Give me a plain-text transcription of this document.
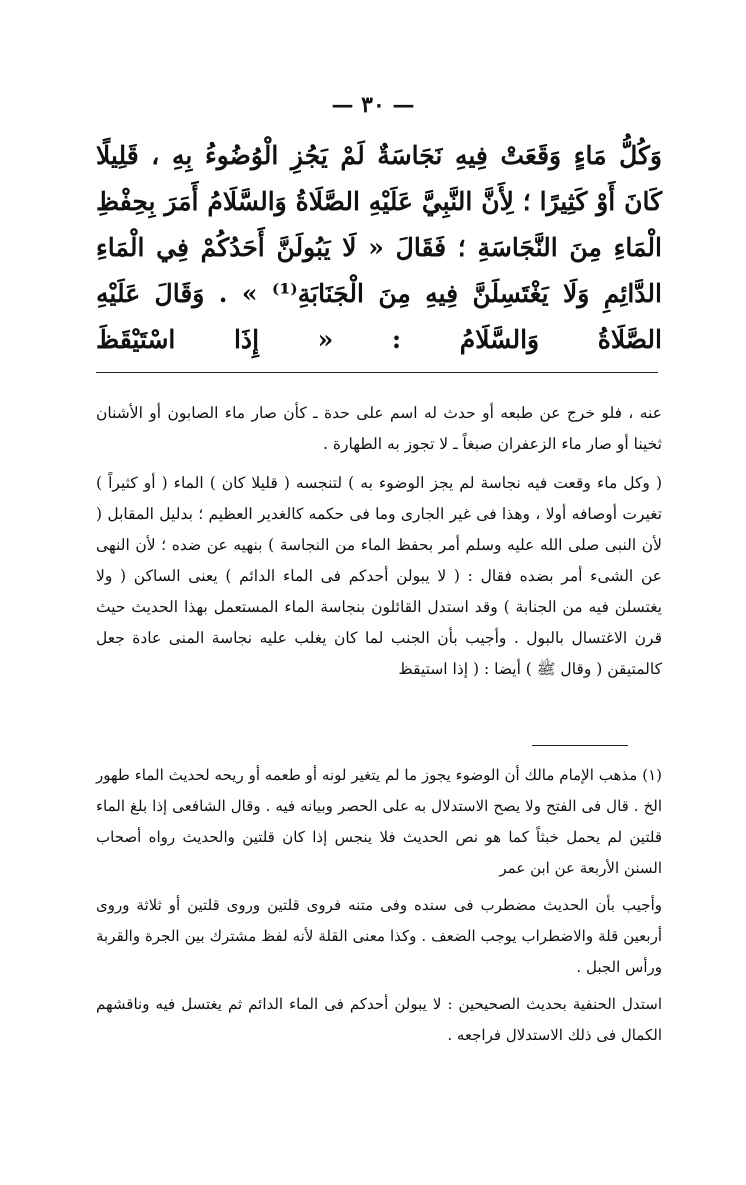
— ٣٠ —

وَكُلُّ مَاءٍ وَقَعَتْ فِيهِ نَجَاسَةٌ لَمْ يَجُزِ الْوُضُوءُ بِهِ ، قَلِيلًا كَانَ أَوْ كَثِيرًا ؛ لِأَنَّ النَّبِيَّ عَلَيْهِ الصَّلَاةُ وَالسَّلَامُ أَمَرَ بِحِفْظِ الْمَاءِ مِنَ النَّجَاسَةِ ؛ فَقَالَ « لَا يَبُولَنَّ أَحَدُكُمْ فِي الْمَاءِ الدَّائِمِ وَلَا يَغْتَسِلَنَّ فِيهِ مِنَ الْجَنَابَةِ⁽¹⁾ » . وَقَالَ عَلَيْهِ الصَّلَاةُ وَالسَّلَامُ : « إِذَا اسْتَيْقَظَ

عنه ، فلو خرج عن طبعه أو حدث له اسم على حدة ـ كأن صار ماء الصابون أو الأشنان ثخينا أو صار ماء الزعفران صبغاً ـ لا تجوز به الطهارة .

( وكل ماء وقعت فيه نجاسة لم يجز الوضوء به ) لتنجسه ( قليلا كان ) الماء ( أو كثيراً ) تغيرت أوصافه أولا ، وهذا فى غير الجارى وما فى حكمه كالغدير العظيم ؛ بدليل المقابل ( لأن النبى صلى الله عليه وسلم أمر بحفظ الماء من النجاسة ) بنهيه عن ضده ؛ لأن النهى عن الشىء أمر بضده فقال : ( لا يبولن أحدكم فى الماء الدائم ) يعنى الساكن ( ولا يغتسلن فيه من الجنابة ) وقد استدل القائلون بنجاسة الماء المستعمل بهذا الحديث حيث قرن الاغتسال بالبول . وأجيب بأن الجنب لما كان يغلب عليه نجاسة المنى عادة جعل كالمتيقن ( وقال ﷺ ) أيضا : ( إذا استيقظ

(١) مذهب الإمام مالك أن الوضوء يجوز ما لم يتغير لونه أو طعمه أو ريحه لحديث الماء طهور الخ . قال فى الفتح ولا يصح الاستدلال به على الحصر وبيانه فيه . وقال الشافعى إذا بلغ الماء قلتين لم يحمل خبثاً كما هو نص الحديث فلا ينجس إذا كان قلتين والحديث رواه أصحاب السنن الأربعة عن ابن عمر

وأجيب بأن الحديث مضطرب فى سنده وفى متنه فروى قلتين وروى قلتين أو ثلاثة وروى أربعين قلة والاضطراب يوجب الضعف . وكذا معنى القلة لأنه لفظ مشترك بين الجرة والقربة ورأس الجبل .

استدل الحنفية بحديث الصحيحين : لا يبولن أحدكم فى الماء الدائم ثم يغتسل فيه وناقشهم الكمال فى ذلك الاستدلال فراجعه .
